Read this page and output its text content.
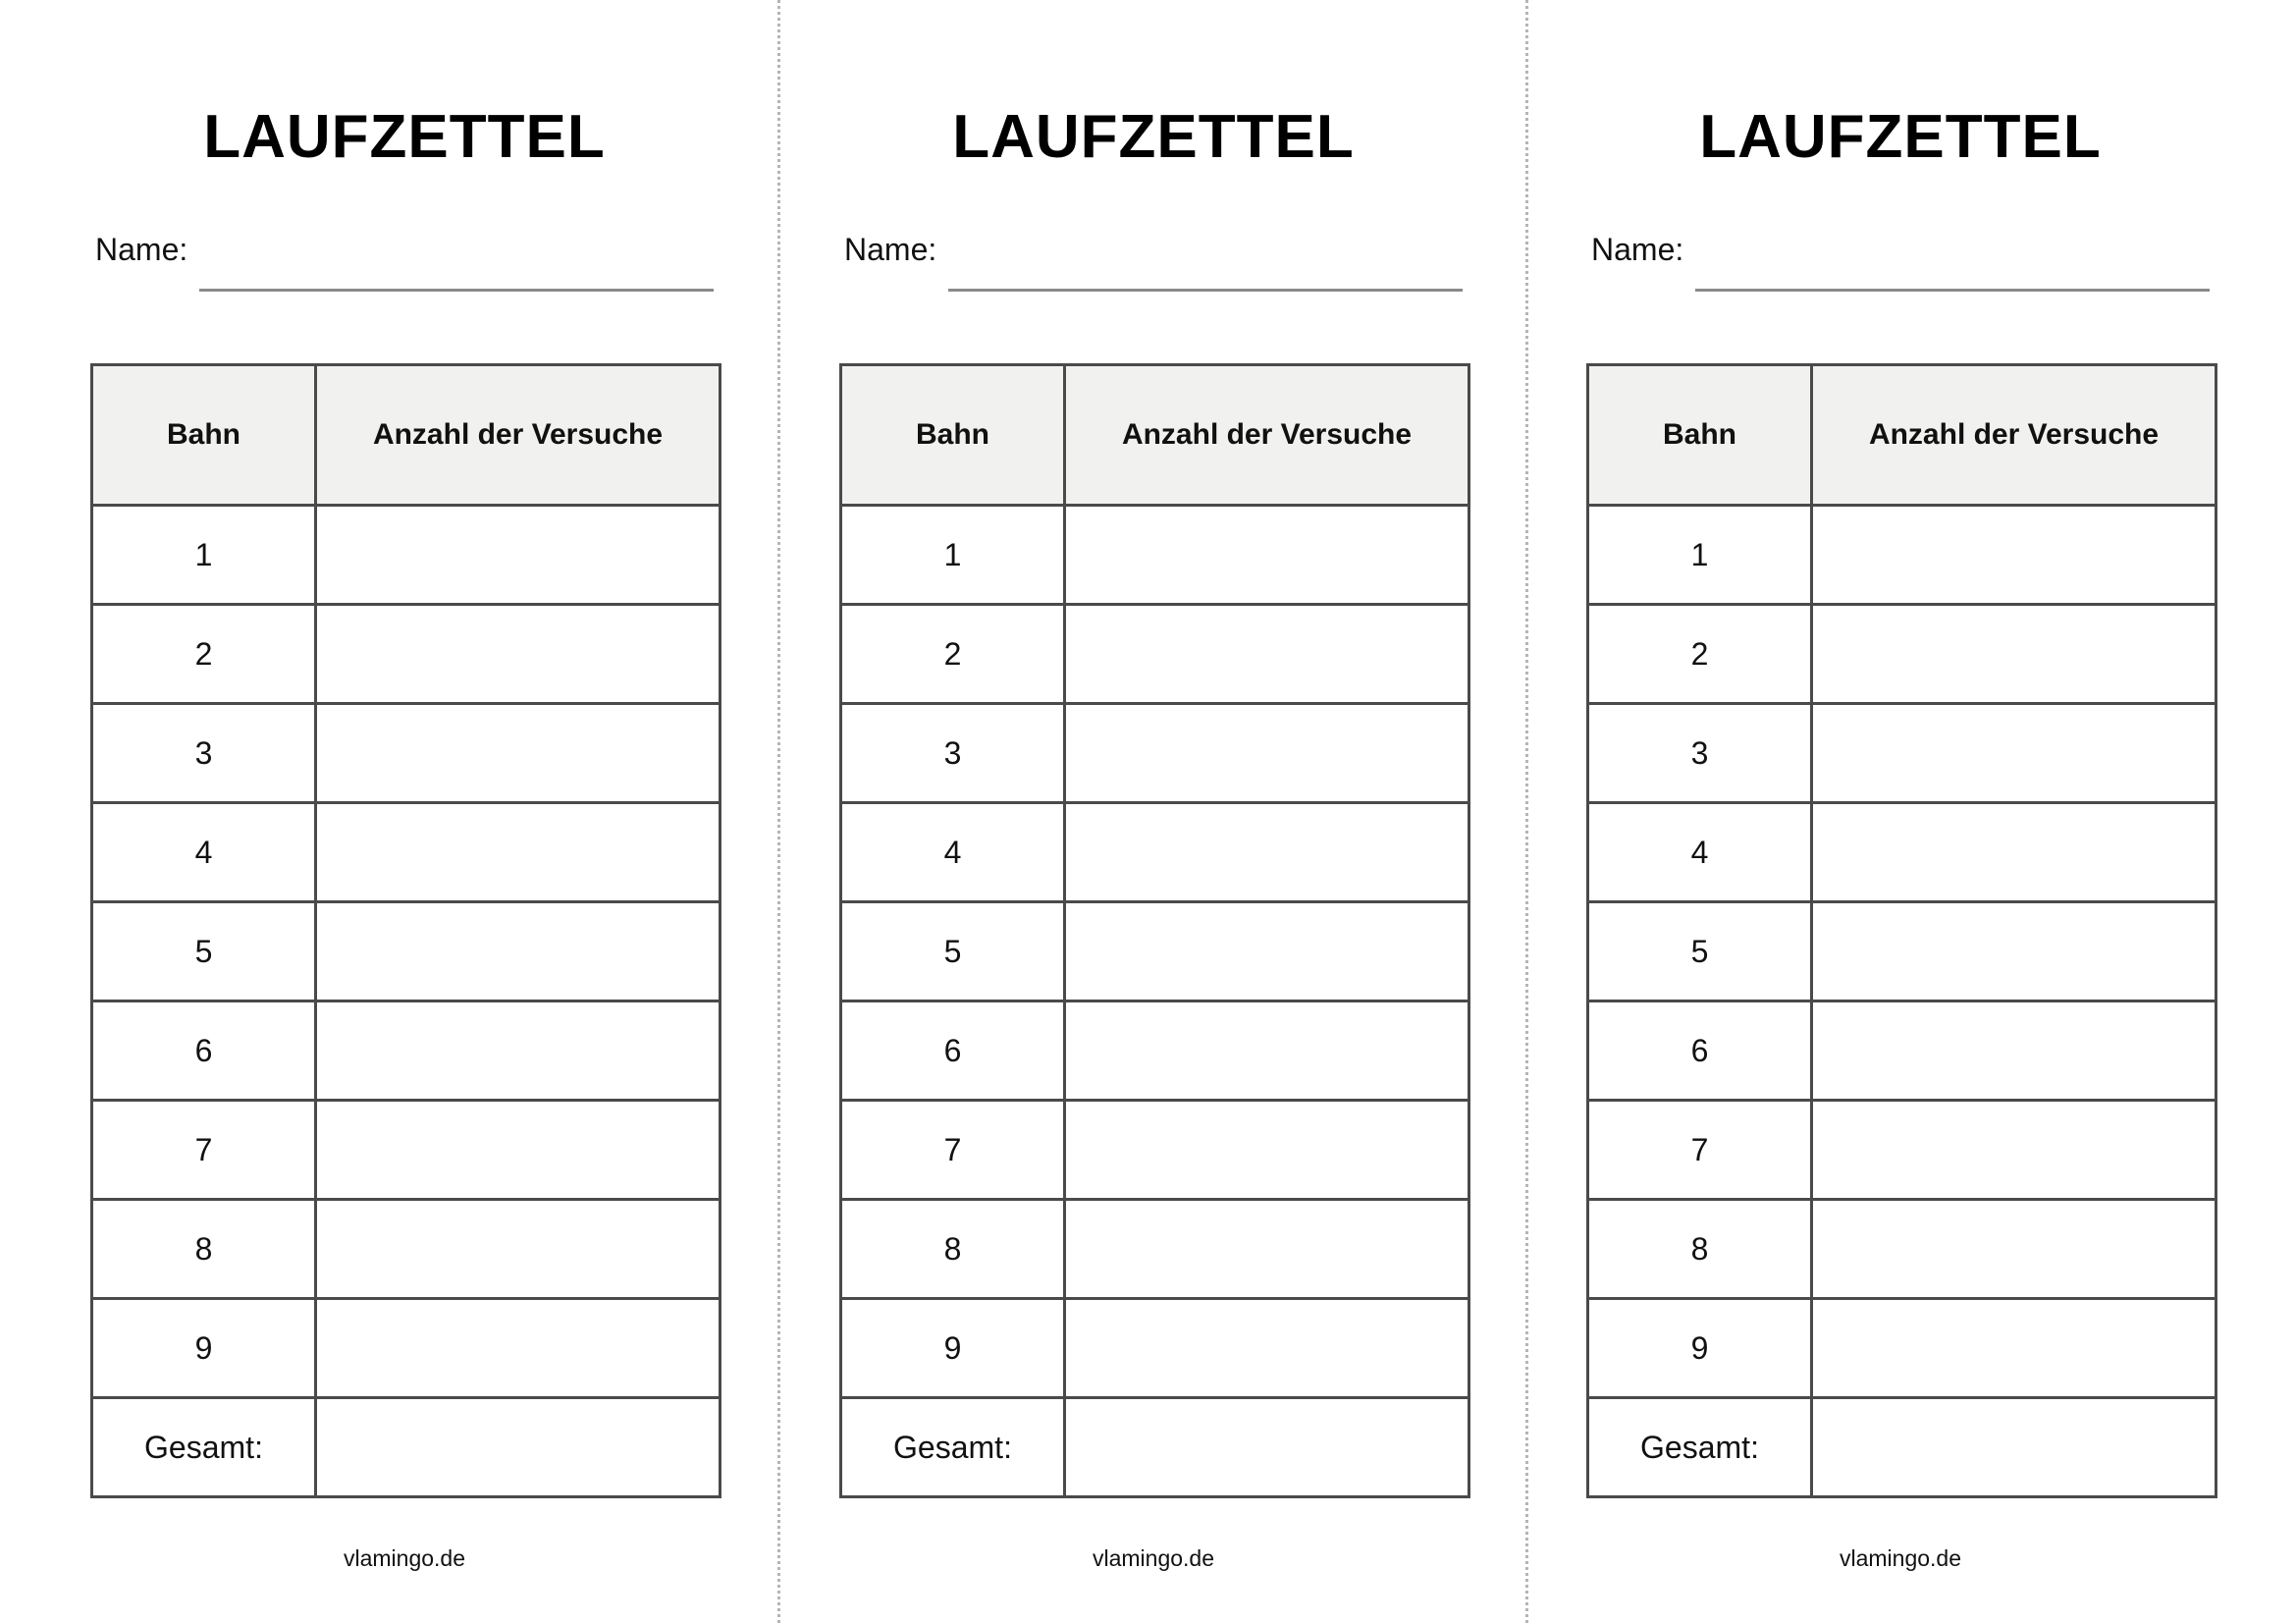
LAUFZETTEL
Name:
Bahn	Anzahl der Versuche
1	
2	
3	
4	
5	
6	
7	
8	
9	
Gesamt:	
vlamingo.de
LAUFZETTEL
Name:
Bahn	Anzahl der Versuche
1	
2	
3	
4	
5	
6	
7	
8	
9	
Gesamt:	
vlamingo.de
LAUFZETTEL
Name:
Bahn	Anzahl der Versuche
1	
2	
3	
4	
5	
6	
7	
8	
9	
Gesamt:	
vlamingo.de
